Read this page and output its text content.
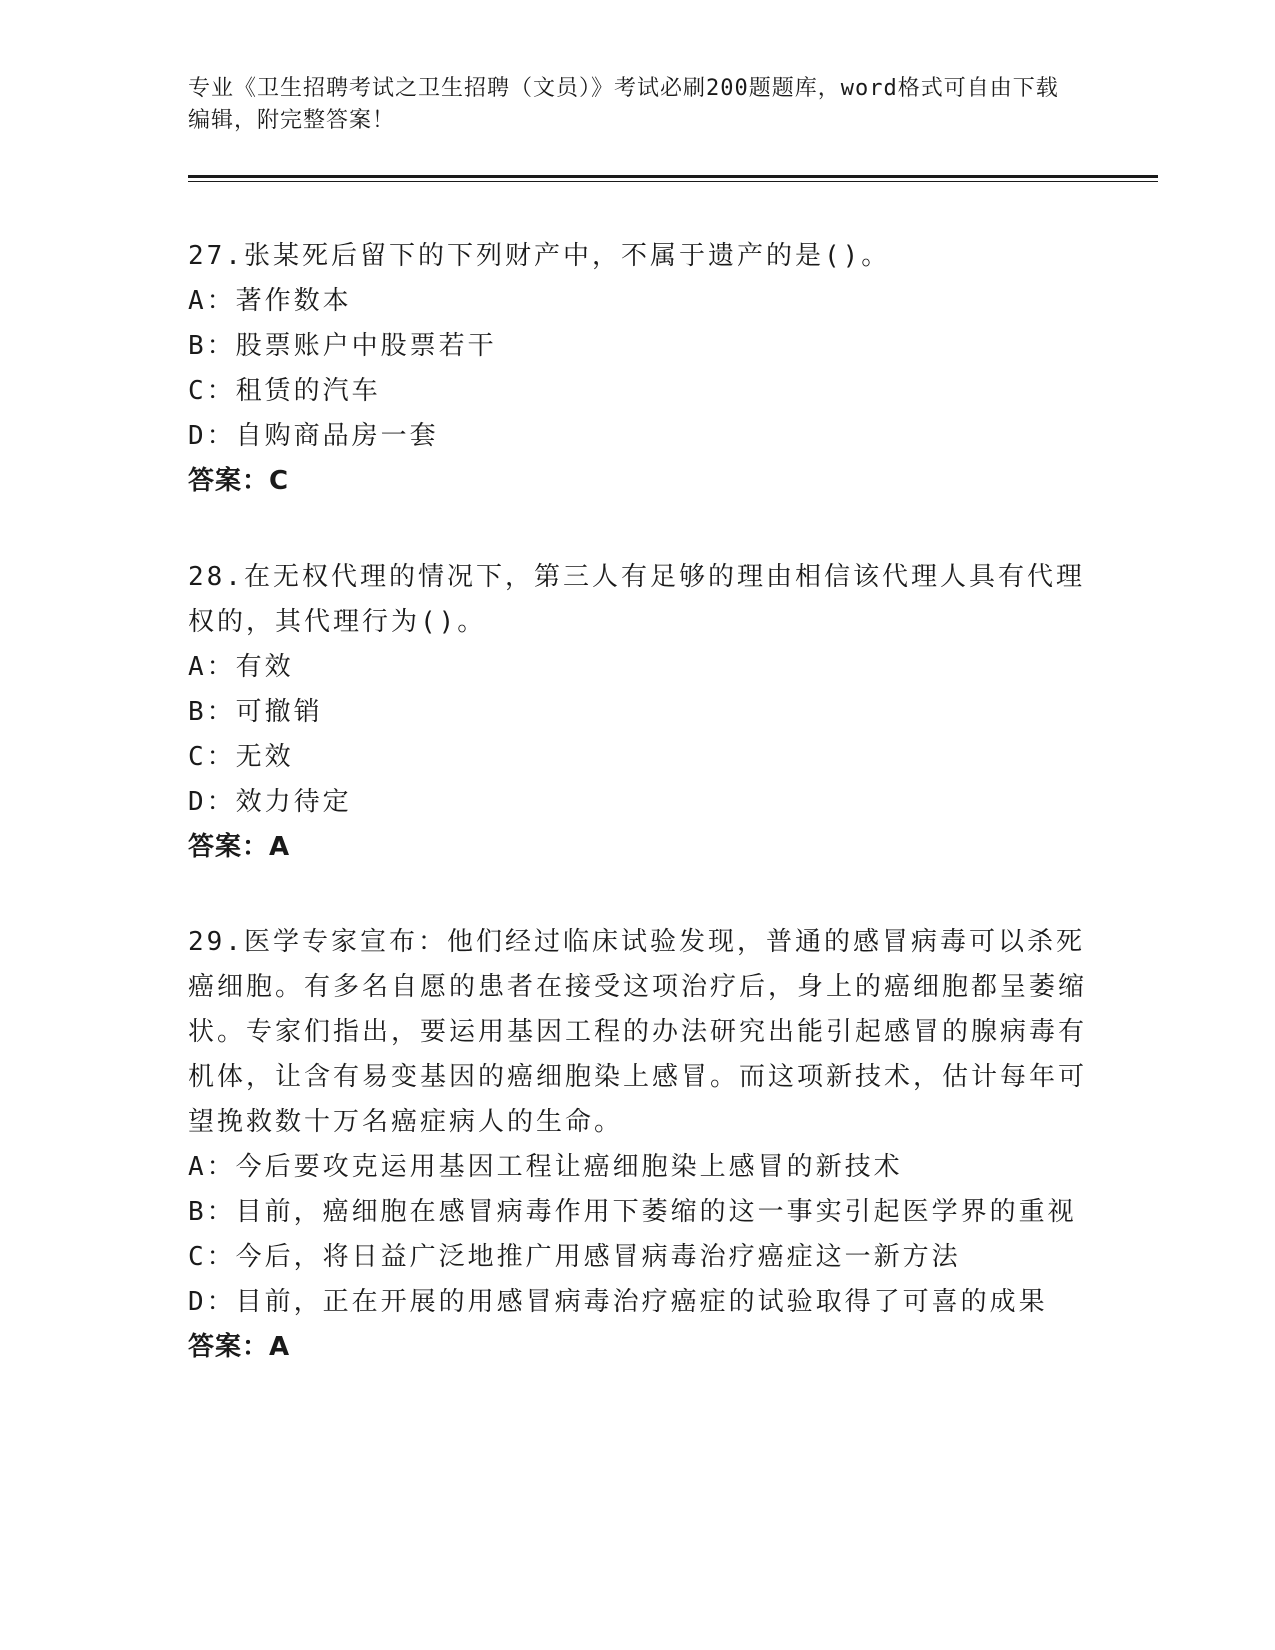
专业《卫生招聘考试之卫生招聘（文员）》考试必刷200题题库，word格式可自由下载编辑，附完整答案！

27.张某死后留下的下列财产中，不属于遗产的是()。

A：著作数本

B：股票账户中股票若干

C：租赁的汽车

D：自购商品房一套

答案：C

28.在无权代理的情况下，第三人有足够的理由相信该代理人具有代理权的，其代理行为()。

A：有效

B：可撤销

C：无效

D：效力待定

答案：A

29.医学专家宣布：他们经过临床试验发现，普通的感冒病毒可以杀死癌细胞。有多名自愿的患者在接受这项治疗后，身上的癌细胞都呈萎缩状。专家们指出，要运用基因工程的办法研究出能引起感冒的腺病毒有机体，让含有易变基因的癌细胞染上感冒。而这项新技术，估计每年可望挽救数十万名癌症病人的生命。

A：今后要攻克运用基因工程让癌细胞染上感冒的新技术

B：目前，癌细胞在感冒病毒作用下萎缩的这一事实引起医学界的重视

C：今后，将日益广泛地推广用感冒病毒治疗癌症这一新方法

D：目前，正在开展的用感冒病毒治疗癌症的试验取得了可喜的成果

答案：A
